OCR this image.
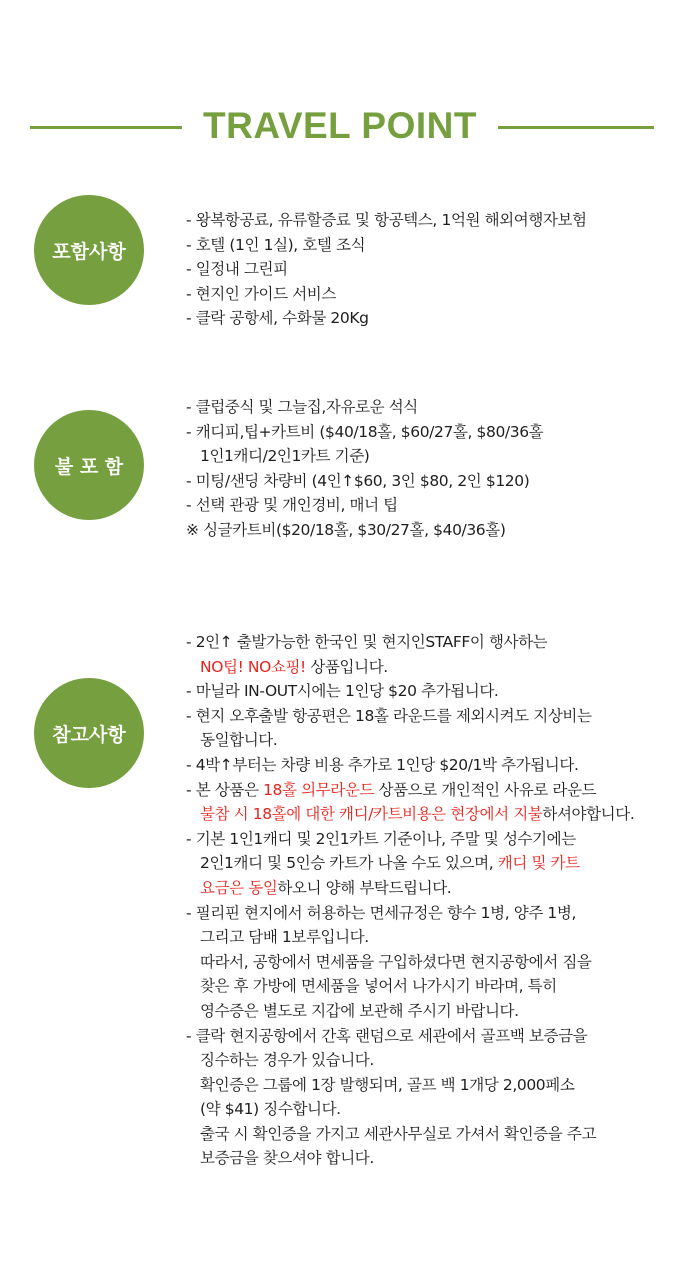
TRAVEL POINT
포함사항
- 왕복항공료, 유류할증료 및 항공텍스, 1억원 해외여행자보험
- 호텔 (1인 1실), 호텔 조식
- 일정내 그린피
- 현지인 가이드 서비스
- 클락 공항세, 수화물 20Kg
불 포 함
- 클럽중식 및 그늘집,자유로운 석식
- 캐디피,팁+카트비 ($40/18홀, $60/27홀, $80/36홀
1인1캐디/2인1카트 기준)
- 미팅/샌딩 차량비 (4인↑$60, 3인 $80, 2인 $120)
- 선택 관광 및 개인경비, 매너 팁
※ 싱글카트비($20/18홀, $30/27홀, $40/36홀)
참고사항
- 2인↑ 출발가능한 한국인 및 현지인STAFF이 행사하는
NO팁! NO쇼핑! 상품입니다.
- 마닐라 IN-OUT시에는 1인당 $20 추가됩니다.
- 현지 오후출발 항공편은 18홀 라운드를 제외시켜도 지상비는
동일합니다.
- 4박↑부터는 차량 비용 추가로 1인당 $20/1박 추가됩니다.
- 본 상품은 18홀 의무라운드 상품으로 개인적인 사유로 라운드
불참 시 18홀에 대한 캐디/카트비용은 현장에서 지불하셔야합니다.
- 기본 1인1캐디 및 2인1카트 기준이나, 주말 및 성수기에는
2인1캐디 및 5인승 카트가 나올 수도 있으며, 캐디 및 카트
요금은 동일하오니 양해 부탁드립니다.
- 필리핀 현지에서 허용하는 면세규정은 향수 1병, 양주 1병,
그리고 담배 1보루입니다.
따라서, 공항에서 면세품을 구입하셨다면 현지공항에서 짐을
찾은 후 가방에 면세품을 넣어서 나가시기 바라며, 특히
영수증은 별도로 지갑에 보관해 주시기 바랍니다.
- 클락 현지공항에서 간혹 랜덤으로 세관에서 골프백 보증금을
징수하는 경우가 있습니다.
확인증은 그룹에 1장 발행되며, 골프 백 1개당 2,000페소
(약 $41) 징수합니다.
출국 시 확인증을 가지고 세관사무실로 가셔서 확인증을 주고
보증금을 찾으셔야 합니다.
